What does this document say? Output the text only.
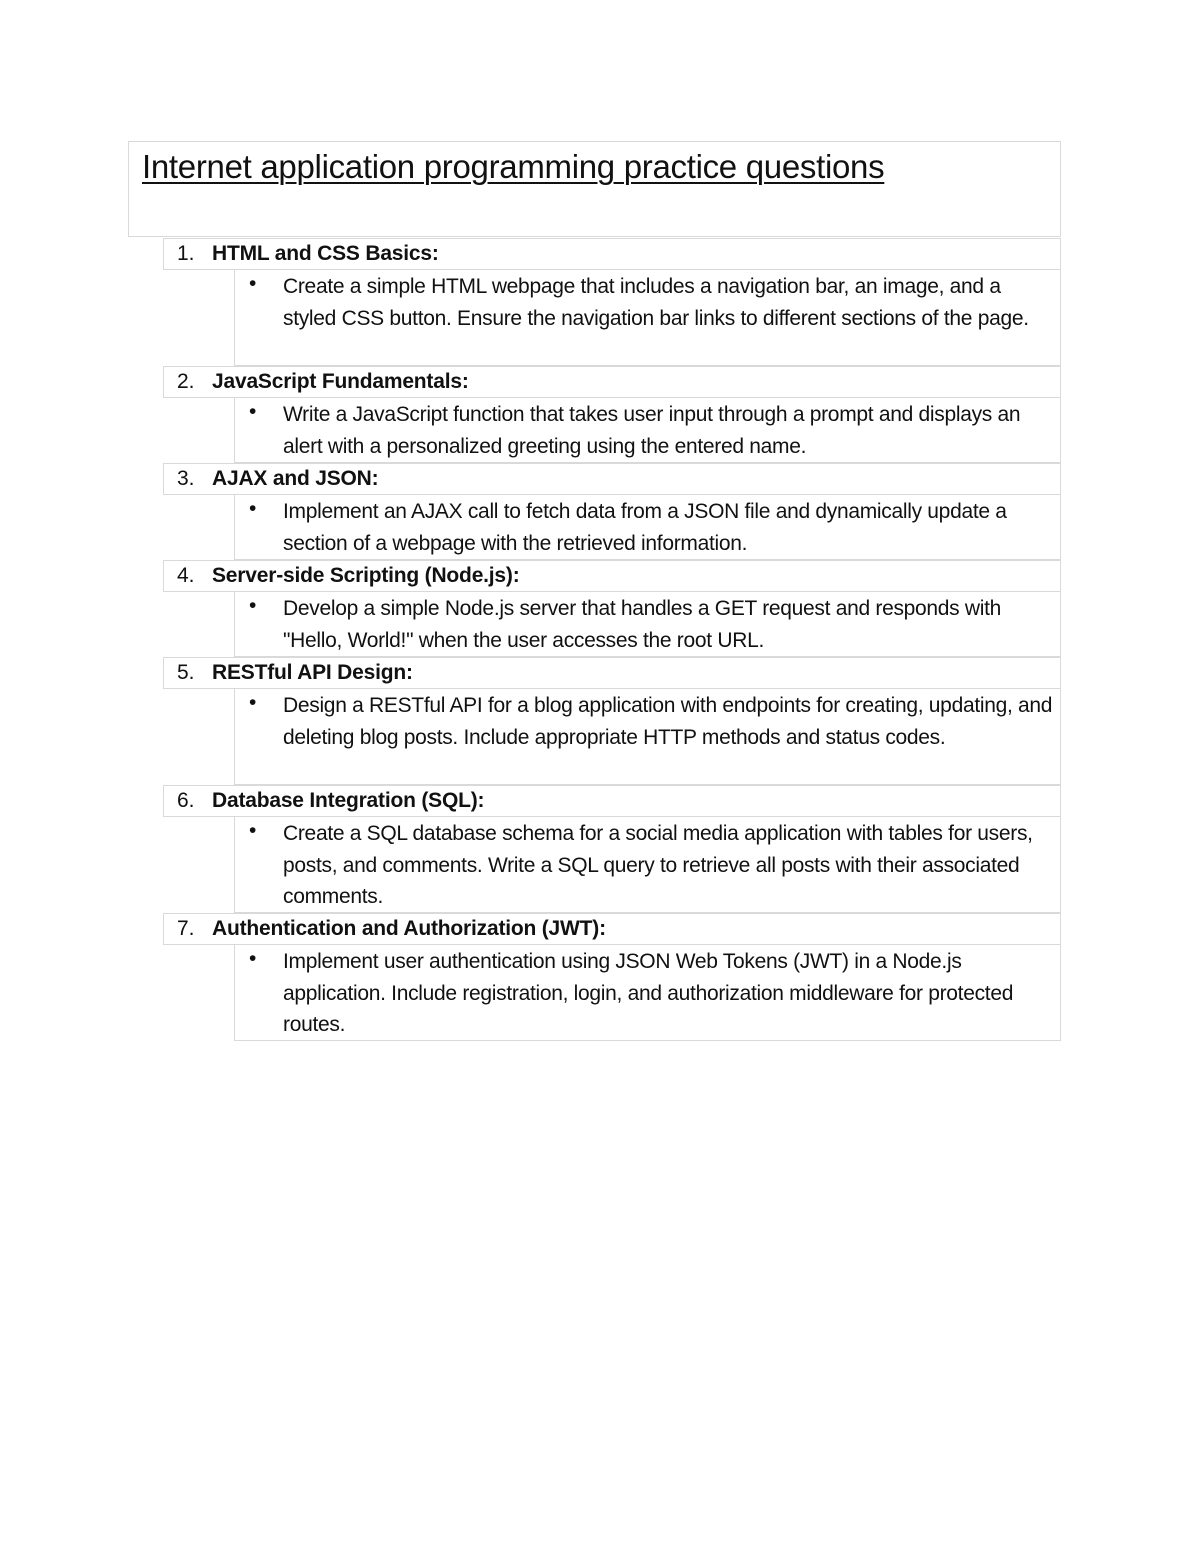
Internet application programming practice questions
1. HTML and CSS Basics:
• Create a simple HTML webpage that includes a navigation bar, an image, and a styled CSS button. Ensure the navigation bar links to different sections of the page.
2. JavaScript Fundamentals:
• Write a JavaScript function that takes user input through a prompt and displays an alert with a personalized greeting using the entered name.
3. AJAX and JSON:
• Implement an AJAX call to fetch data from a JSON file and dynamically update a section of a webpage with the retrieved information.
4. Server-side Scripting (Node.js):
• Develop a simple Node.js server that handles a GET request and responds with "Hello, World!" when the user accesses the root URL.
5. RESTful API Design:
• Design a RESTful API for a blog application with endpoints for creating, updating, and deleting blog posts. Include appropriate HTTP methods and status codes.
6. Database Integration (SQL):
• Create a SQL database schema for a social media application with tables for users, posts, and comments. Write a SQL query to retrieve all posts with their associated comments.
7. Authentication and Authorization (JWT):
• Implement user authentication using JSON Web Tokens (JWT) in a Node.js application. Include registration, login, and authorization middleware for protected routes.
